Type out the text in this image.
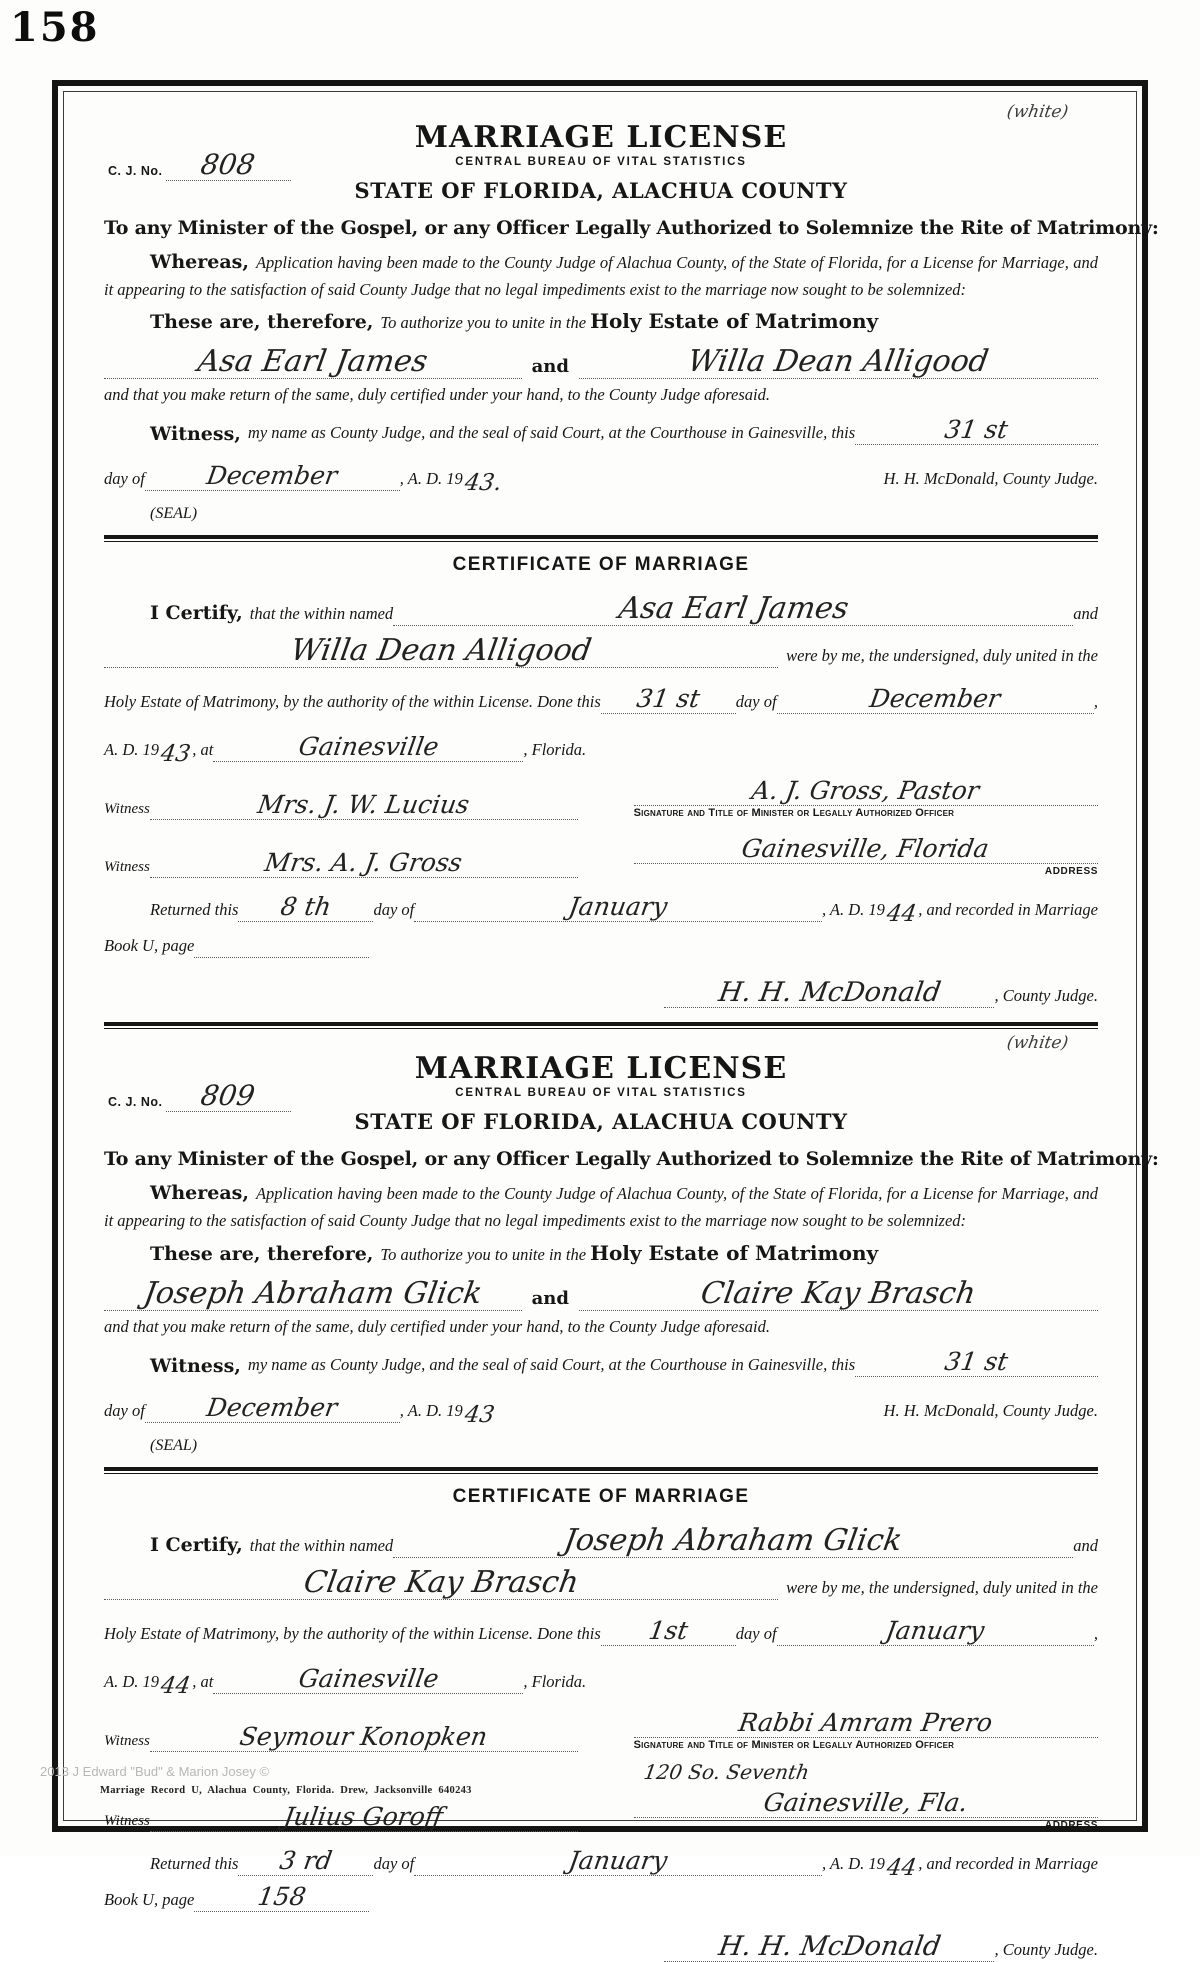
158
(white)
C. J. No.	808
MARRIAGE LICENSE
CENTRAL BUREAU OF VITAL STATISTICS
STATE OF FLORIDA, ALACHUA COUNTY

To any Minister of the Gospel, or any Officer Legally Authorized to Solemnize the Rite of Matrimony:

Whereas, Application having been made to the County Judge of Alachua County, of the State of Florida, for a License for Marriage, and it appearing to the satisfaction of said County Judge that no legal impediments exist to the marriage now sought to be solemnized:

These are, therefore, To authorize you to unite in the Holy Estate of Matrimony

Asa Earl James	and	Willa Dean Alligood

and that you make return of the same, duly certified under your hand, to the County Judge aforesaid.

Witness, my name as County Judge, and the seal of said Court, at the Courthouse in Gainesville, this	31 st
day of	December	, A. D. 19 43.	H. H. McDonald, County Judge.

(SEAL)

CERTIFICATE OF MARRIAGE
I Certify, that the within named	Asa Earl James	and
Willa Dean Alligood	were by me, the undersigned, duly united in the
Holy Estate of Matrimony, by the authority of the within License. Done this	31 st	day of	December	,
A. D. 19 43 , at	Gainesville	, Florida.
Witness	Mrs. J. W. Lucius	A. J. Gross, Pastor
Signature and Title of Minister or Legally Authorized Officer
Witness	Mrs. A. J. Gross	Gainesville, Florida
ADDRESS
Returned this	8 th	day of	January	, A. D. 19 44 , and recorded in Marriage
Book U, page
H. H. McDonald	, County Judge.
(white)
C. J. No.	809
MARRIAGE LICENSE
CENTRAL BUREAU OF VITAL STATISTICS
STATE OF FLORIDA, ALACHUA COUNTY

To any Minister of the Gospel, or any Officer Legally Authorized to Solemnize the Rite of Matrimony:

Whereas, Application having been made to the County Judge of Alachua County, of the State of Florida, for a License for Marriage, and it appearing to the satisfaction of said County Judge that no legal impediments exist to the marriage now sought to be solemnized:

These are, therefore, To authorize you to unite in the Holy Estate of Matrimony

Joseph Abraham Glick	and	Claire Kay Brasch

and that you make return of the same, duly certified under your hand, to the County Judge aforesaid.

Witness, my name as County Judge, and the seal of said Court, at the Courthouse in Gainesville, this	31 st
day of	December	, A. D. 19 43	H. H. McDonald, County Judge.

(SEAL)

CERTIFICATE OF MARRIAGE
I Certify, that the within named	Joseph Abraham Glick	and
Claire Kay Brasch	were by me, the undersigned, duly united in the
Holy Estate of Matrimony, by the authority of the within License. Done this	1st	day of	January	,
A. D. 19 44 , at	Gainesville	, Florida.
Witness	Seymour Konopken	Rabbi Amram Prero
Signature and Title of Minister or Legally Authorized Officer
Witness	Julius Goroff
120 So. Seventh
Gainesville, Fla.
ADDRESS
Returned this	3 rd	day of	January	, A. D. 19 44 , and recorded in Marriage
Book U, page	158
H. H. McDonald	, County Judge.
Marriage Record U, Alachua County, Florida. Drew, Jacksonville 640243
2013 J Edward "Bud" & Marion Josey ©
